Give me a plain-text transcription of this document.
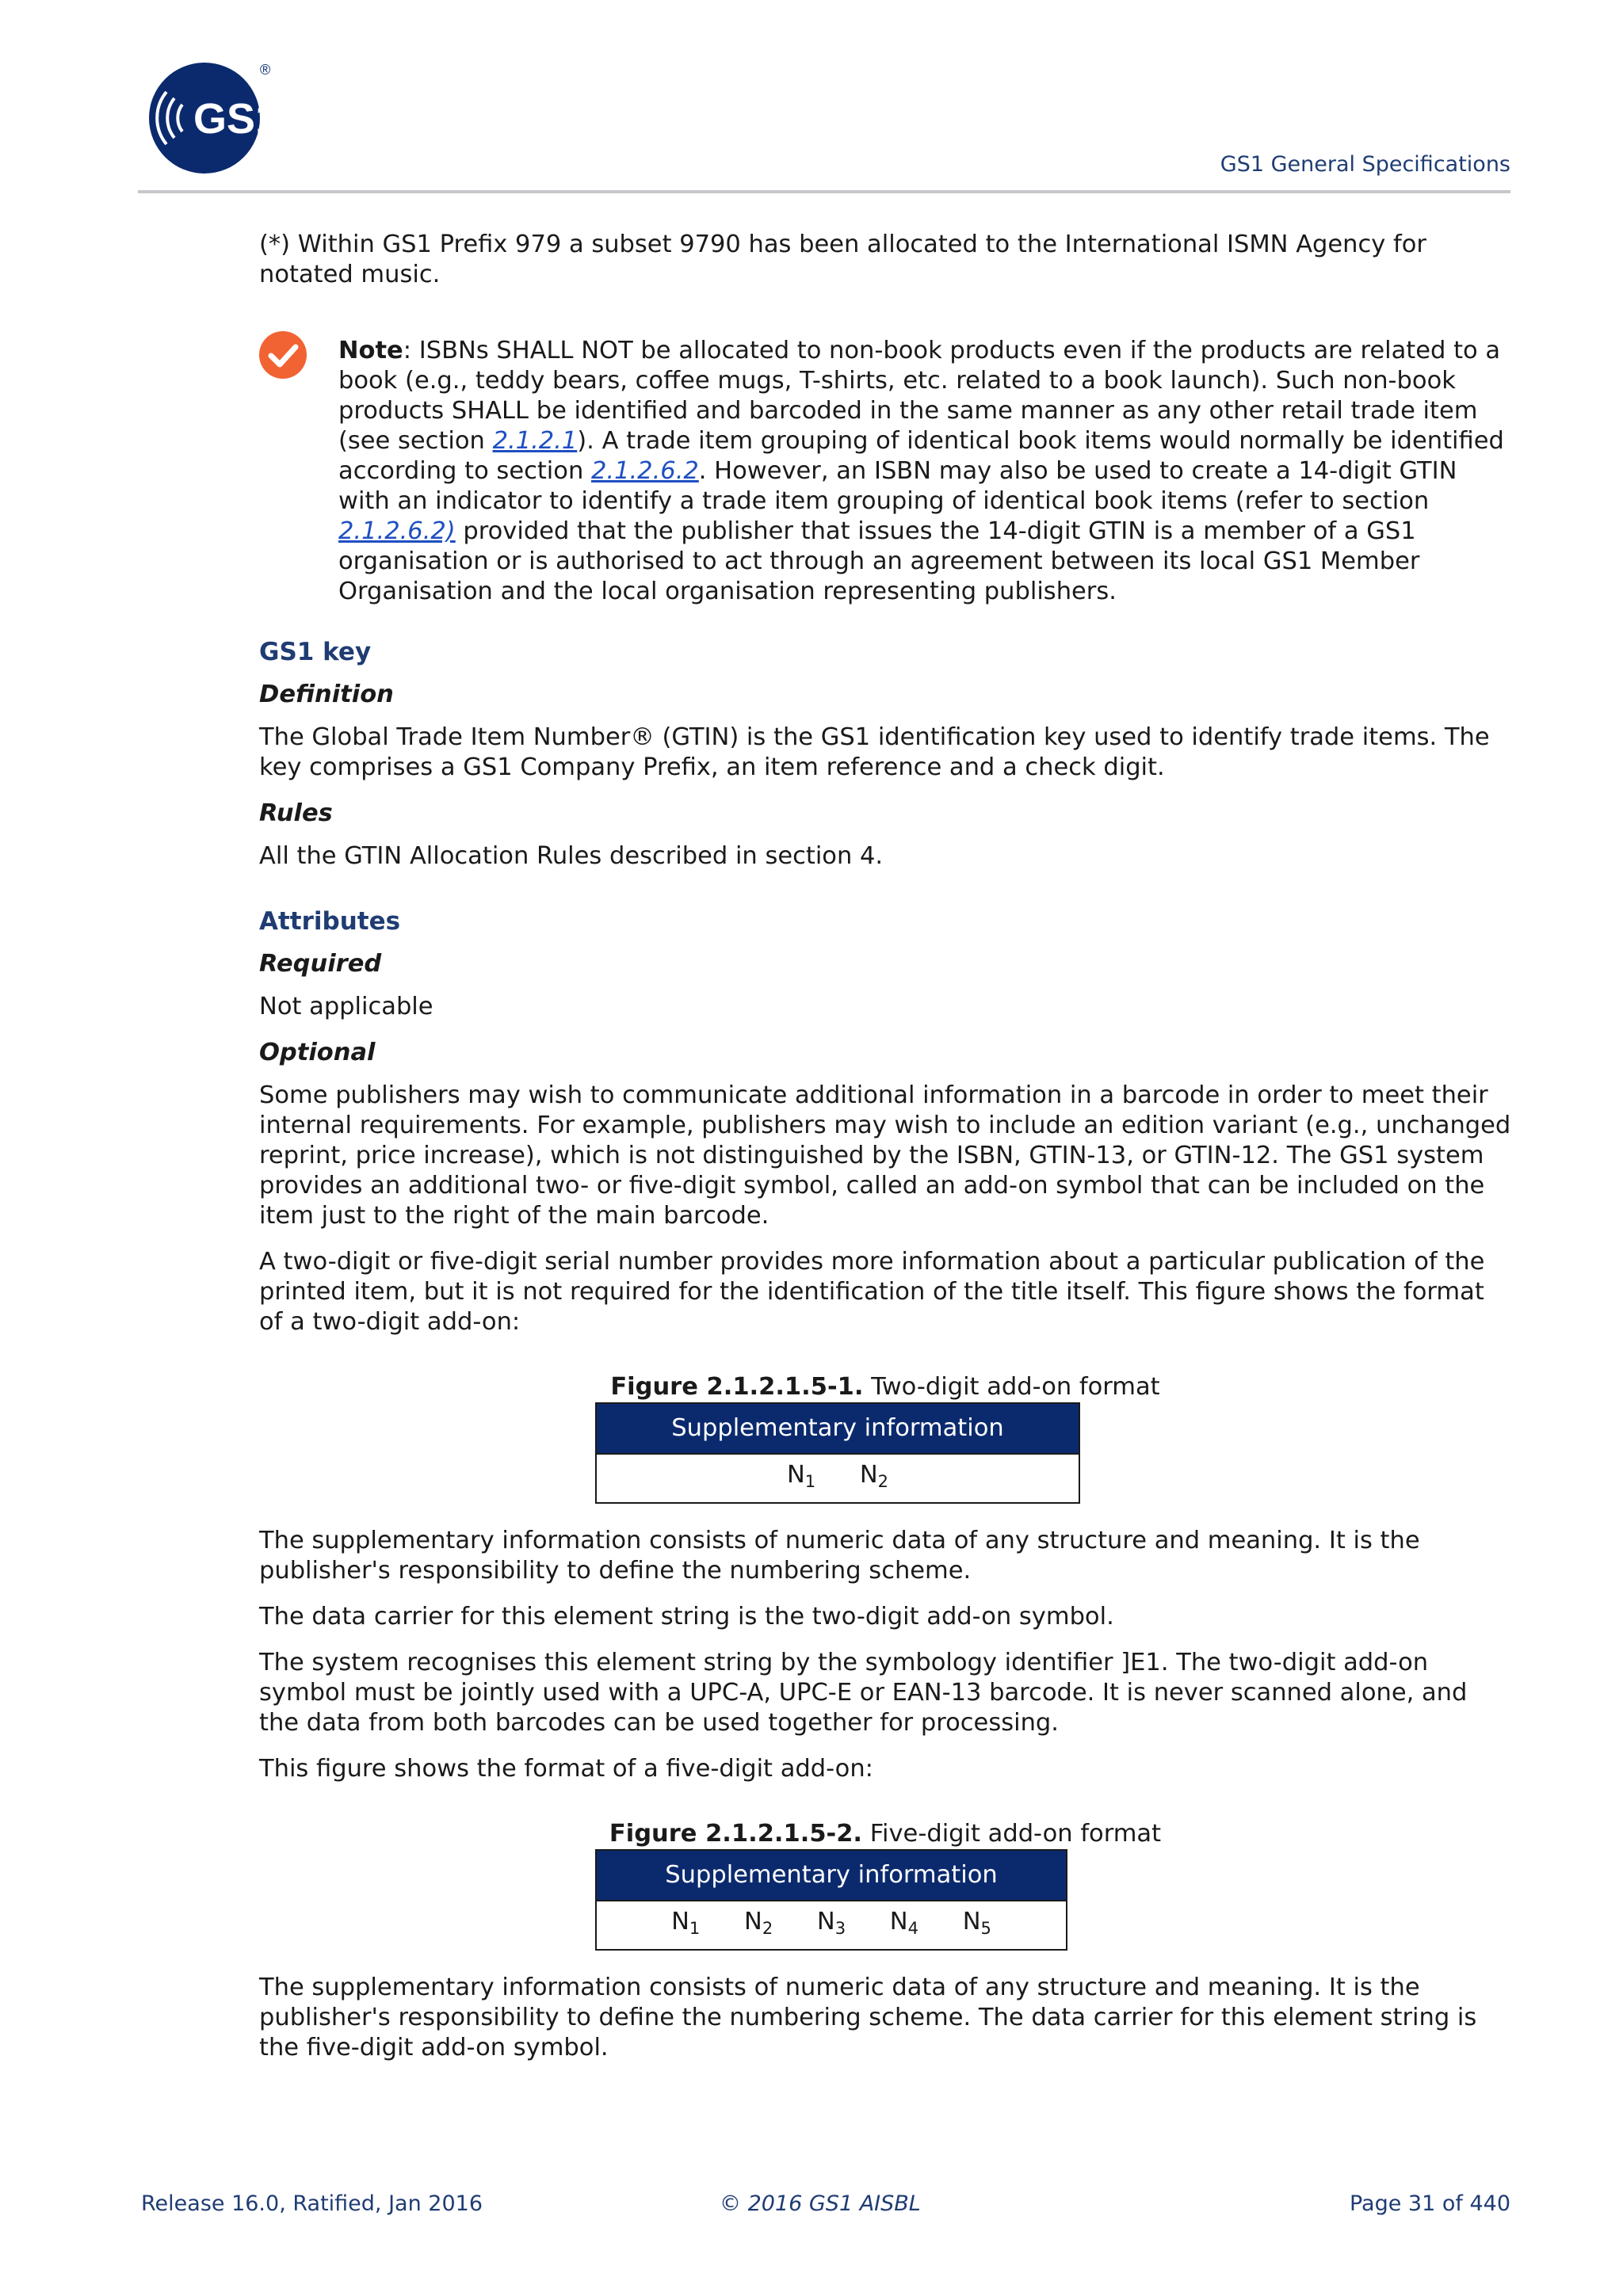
GS1
®
GS1 General Specifications

(*) Within GS1 Prefix 979 a subset 9790 has been allocated to the International ISMN Agency for notated music.

Note: ISBNs SHALL NOT be allocated to non-book products even if the products are related to a book (e.g., teddy bears, coffee mugs, T-shirts, etc. related to a book launch). Such non-book products SHALL be identified and barcoded in the same manner as any other retail trade item (see section 2.1.2.1). A trade item grouping of identical book items would normally be identified according to section 2.1.2.6.2. However, an ISBN may also be used to create a 14-digit GTIN with an indicator to identify a trade item grouping of identical book items (refer to section 2.1.2.6.2) provided that the publisher that issues the 14-digit GTIN is a member of a GS1 organisation or is authorised to act through an agreement between its local GS1 Member Organisation and the local organisation representing publishers.

GS1 key
Definition

The Global Trade Item Number® (GTIN) is the GS1 identification key used to identify trade items. The key comprises a GS1 Company Prefix, an item reference and a check digit.

Rules

All the GTIN Allocation Rules described in section 4.

Attributes
Required

Not applicable

Optional

Some publishers may wish to communicate additional information in a barcode in order to meet their internal requirements. For example, publishers may wish to include an edition variant (e.g., unchanged reprint, price increase), which is not distinguished by the ISBN, GTIN-13, or GTIN-12. The GS1 system provides an additional two- or five-digit symbol, called an add-on symbol that can be included on the item just to the right of the main barcode.

A two-digit or five-digit serial number provides more information about a particular publication of the printed item, but it is not required for the identification of the title itself. This figure shows the format of a two-digit add-on:

Figure 2.1.2.1.5-1. Two-digit add-on format
Supplementary information
$N_1$ $N_2$

The supplementary information consists of numeric data of any structure and meaning. It is the publisher's responsibility to define the numbering scheme.

The data carrier for this element string is the two-digit add-on symbol.

The system recognises this element string by the symbology identifier ]E1. The two-digit add-on symbol must be jointly used with a UPC-A, UPC-E or EAN-13 barcode. It is never scanned alone, and the data from both barcodes can be used together for processing.

This figure shows the format of a five-digit add-on:

Figure 2.1.2.1.5-2. Five-digit add-on format
Supplementary information
$N_1$ $N_2$ $N_3$ $N_4$ $N_5$

The supplementary information consists of numeric data of any structure and meaning. It is the publisher's responsibility to define the numbering scheme. The data carrier for this element string is the five-digit add-on symbol.

Release 16.0, Ratified, Jan 2016	© 2016 GS1 AISBL	Page 31 of 440
